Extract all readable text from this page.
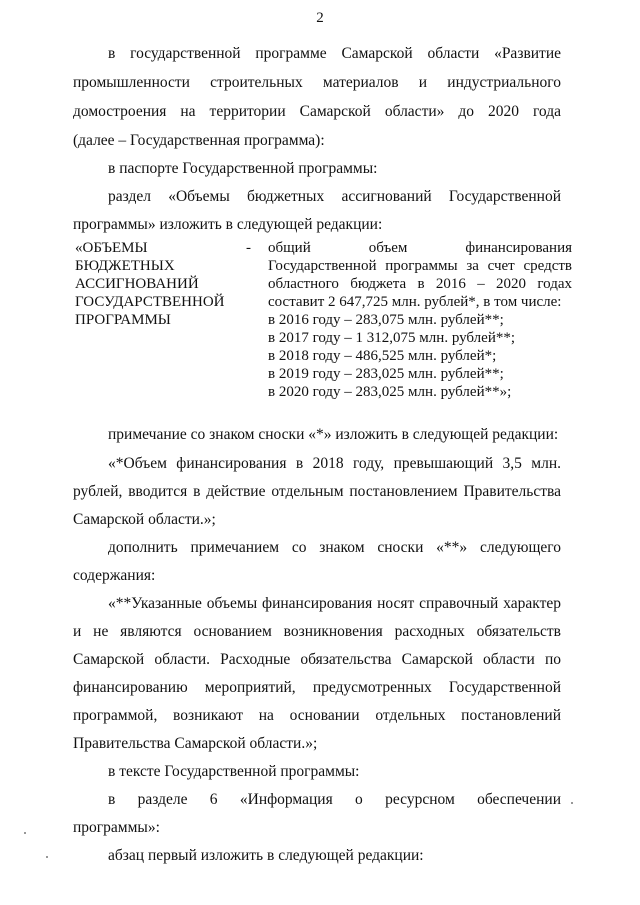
2
в государственной программе Самарской области «Развитие
промышленности строительных материалов и индустриального
домостроения на территории Самарской области» до 2020 года
(далее – Государственная программа):
в паспорте Государственной программы:
раздел «Объемы бюджетных ассигнований Государственной
программы» изложить в следующей редакции:
«ОБЪЕМЫ
БЮДЖЕТНЫХ
АССИГНОВАНИЙ
ГОСУДАРСТВЕННОЙ
ПРОГРАММЫ
- общий объем финансирования
Государственной программы за счет средств
областного бюджета в 2016 – 2020 годах
составит 2 647,725 млн. рублей*, в том числе:
в 2016 году – 283,075 млн. рублей**;
в 2017 году – 1 312,075 млн. рублей**;
в 2018 году – 486,525 млн. рублей*;
в 2019 году – 283,025 млн. рублей**;
в 2020 году – 283,025 млн. рублей**»;
примечание со знаком сноски «*» изложить в следующей редакции:
«*Объем финансирования в 2018 году, превышающий 3,5 млн.
рублей, вводится в действие отдельным постановлением Правительства
Самарской области.»;
дополнить примечанием со знаком сноски «**» следующего
содержания:
«**Указанные объемы финансирования носят справочный характер
и не являются основанием возникновения расходных обязательств
Самарской области. Расходные обязательства Самарской области по
финансированию мероприятий, предусмотренных Государственной
программой, возникают на основании отдельных постановлений
Правительства Самарской области.»;
в тексте Государственной программы:
в разделе 6 «Информация о ресурсном обеспечении
программы»:
абзац первый изложить в следующей редакции:
